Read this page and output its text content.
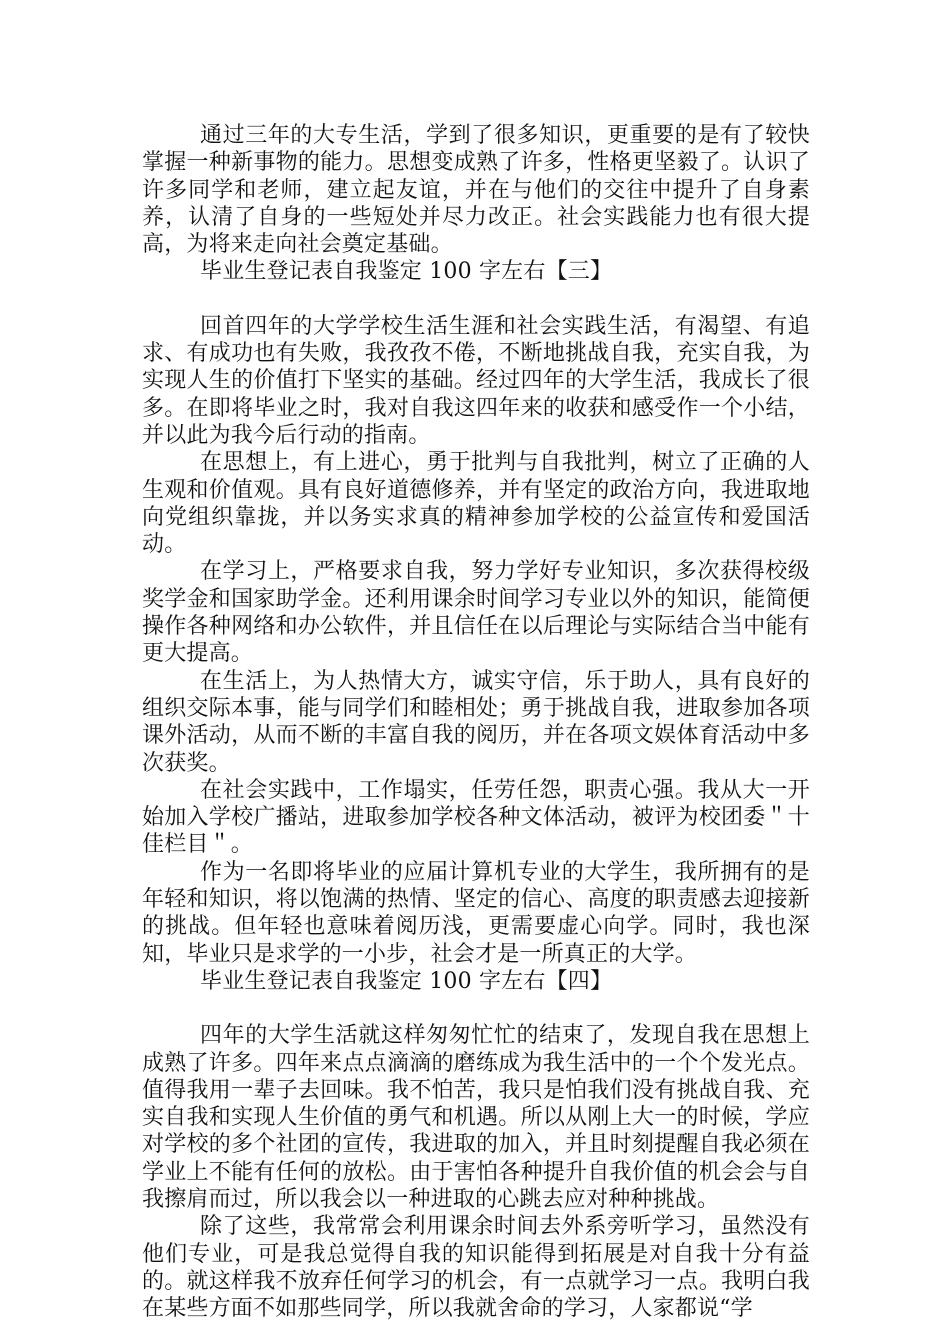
通过三年的大专生活，学到了很多知识，更重要的是有了较快掌握一种新事物的能力。思想变成熟了许多，性格更坚毅了。认识了许多同学和老师，建立起友谊，并在与他们的交往中提升了自身素养，认清了自身的一些短处并尽力改正。社会实践能力也有很大提高，为将来走向社会奠定基础。

毕业生登记表自我鉴定 100 字左右【三】

回首四年的大学学校生活生涯和社会实践生活，有渴望、有追求、有成功也有失败，我孜孜不倦，不断地挑战自我，充实自我，为实现人生的价值打下坚实的基础。经过四年的大学生活，我成长了很多。在即将毕业之时，我对自我这四年来的收获和感受作一个小结，并以此为我今后行动的指南。

在思想上，有上进心，勇于批判与自我批判，树立了正确的人生观和价值观。具有良好道德修养，并有坚定的政治方向，我进取地向党组织靠拢，并以务实求真的精神参加学校的公益宣传和爱国活动。

在学习上，严格要求自我，努力学好专业知识，多次获得校级奖学金和国家助学金。还利用课余时间学习专业以外的知识，能简便操作各种网络和办公软件，并且信任在以后理论与实际结合当中能有更大提高。

在生活上，为人热情大方，诚实守信，乐于助人，具有良好的组织交际本事，能与同学们和睦相处；勇于挑战自我，进取参加各项课外活动，从而不断的丰富自我的阅历，并在各项文娱体育活动中多次获奖。

在社会实践中，工作塌实，任劳任怨，职责心强。我从大一开始加入学校广播站，进取参加学校各种文体活动，被评为校团委＂十佳栏目＂。

作为一名即将毕业的应届计算机专业的大学生，我所拥有的是年轻和知识，将以饱满的热情、坚定的信心、高度的职责感去迎接新的挑战。但年轻也意味着阅历浅，更需要虚心向学。同时，我也深知，毕业只是求学的一小步，社会才是一所真正的大学。

毕业生登记表自我鉴定 100 字左右【四】

四年的大学生活就这样匆匆忙忙的结束了，发现自我在思想上成熟了许多。四年来点点滴滴的磨练成为我生活中的一个个发光点。值得我用一辈子去回味。我不怕苦，我只是怕我们没有挑战自我、充实自我和实现人生价值的勇气和机遇。所以从刚上大一的时候，学应对学校的多个社团的宣传，我进取的加入，并且时刻提醒自我必须在学业上不能有任何的放松。由于害怕各种提升自我价值的机会会与自我擦肩而过，所以我会以一种进取的心跳去应对种种挑战。

除了这些，我常常会利用课余时间去外系旁听学习，虽然没有他们专业，可是我总觉得自我的知识能得到拓展是对自我十分有益的。就这样我不放弃任何学习的机会，有一点就学习一点。我明白我在某些方面不如那些同学，所以我就舍命的学习，人家都说“学
